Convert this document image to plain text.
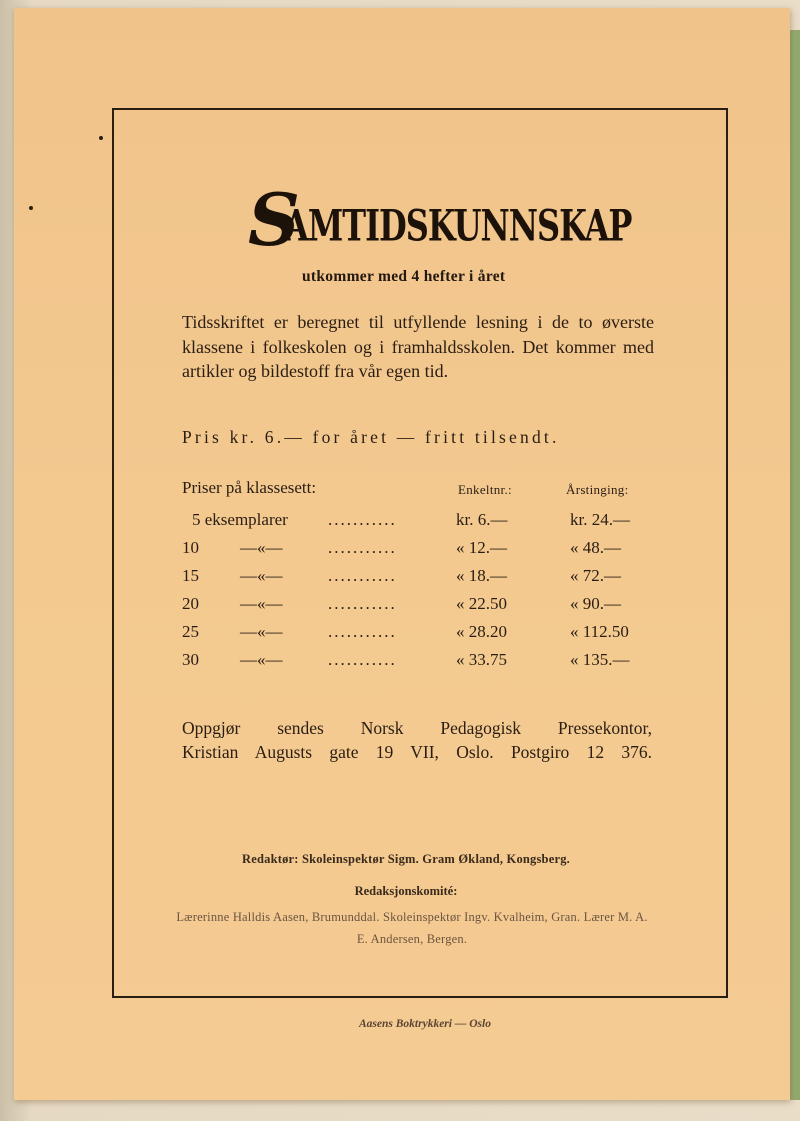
S
AMTIDSKUNNSKAP
utkommer med 4 hefter i året
Tidsskriftet er beregnet til utfyllende lesning i de to øverste klassene i folkeskolen og i framhaldsskolen. Det kommer med artikler og bildestoff fra vår egen tid.
Pris kr. 6.— for året — fritt tilsendt.
Priser på klassesett:	Enkeltnr.:	Årstinging:
5 eksemplarer ...........	kr. 6.—	kr. 24.—
10 —«—	...........	« 12.—	« 48.—
15 —«—	...........	« 18.—	« 72.—
20 —«—	...........	« 22.50	« 90.—
25 —«—	...........	« 28.20	« 112.50
30 —«—	...........	« 33.75	« 135.—
Oppgjør sendes Norsk Pedagogisk Pressekontor,
Kristian Augusts gate 19 VII, Oslo. Postgiro 12 376.
Redaktør: Skoleinspektør Sigm. Gram Økland, Kongsberg.
Redaksjonskomité:
Lærerinne Halldis Aasen, Brumunddal. Skoleinspektør Ingv. Kvalheim, Gran. Lærer M. A. E. Andersen, Bergen.
Aasens Boktrykkeri — Oslo
